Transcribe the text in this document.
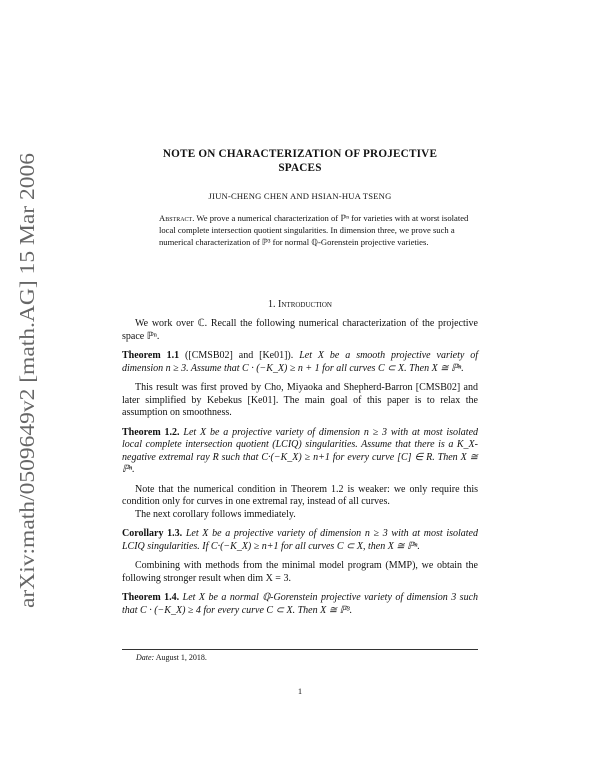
arXiv:math/0509649v2 [math.AG] 15 Mar 2006
NOTE ON CHARACTERIZATION OF PROJECTIVE
SPACES
JIUN-CHENG CHEN AND HSIAN-HUA TSENG
Abstract. We prove a numerical characterization of ℙⁿ for varieties with at worst isolated local complete intersection quotient singularities. In dimension three, we prove such a numerical characterization of ℙ³ for normal ℚ-Gorenstein projective varieties.
1. Introduction

We work over ℂ. Recall the following numerical characterization of the projective space ℙⁿ.

Theorem 1.1 ([CMSB02] and [Ke01]). Let X be a smooth projective variety of dimension n ≥ 3. Assume that C · (−K_X) ≥ n + 1 for all curves C ⊂ X. Then X ≅ ℙⁿ.

This result was first proved by Cho, Miyaoka and Shepherd-Barron [CMSB02] and later simplified by Kebekus [Ke01]. The main goal of this paper is to relax the assumption on smoothness.

Theorem 1.2. Let X be a projective variety of dimension n ≥ 3 with at most isolated local complete intersection quotient (LCIQ) singularities. Assume that there is a K_X-negative extremal ray R such that C·(−K_X) ≥ n+1 for every curve [C] ∈ R. Then X ≅ ℙⁿ.

Note that the numerical condition in Theorem 1.2 is weaker: we only require this condition only for curves in one extremal ray, instead of all curves.

The next corollary follows immediately.

Corollary 1.3. Let X be a projective variety of dimension n ≥ 3 with at most isolated LCIQ singularities. If C·(−K_X) ≥ n+1 for all curves C ⊂ X, then X ≅ ℙⁿ.

Combining with methods from the minimal model program (MMP), we obtain the following stronger result when dim X = 3.

Theorem 1.4. Let X be a normal ℚ-Gorenstein projective variety of dimension 3 such that C · (−K_X) ≥ 4 for every curve C ⊂ X. Then X ≅ ℙ³.

Date: August 1, 2018.
1
